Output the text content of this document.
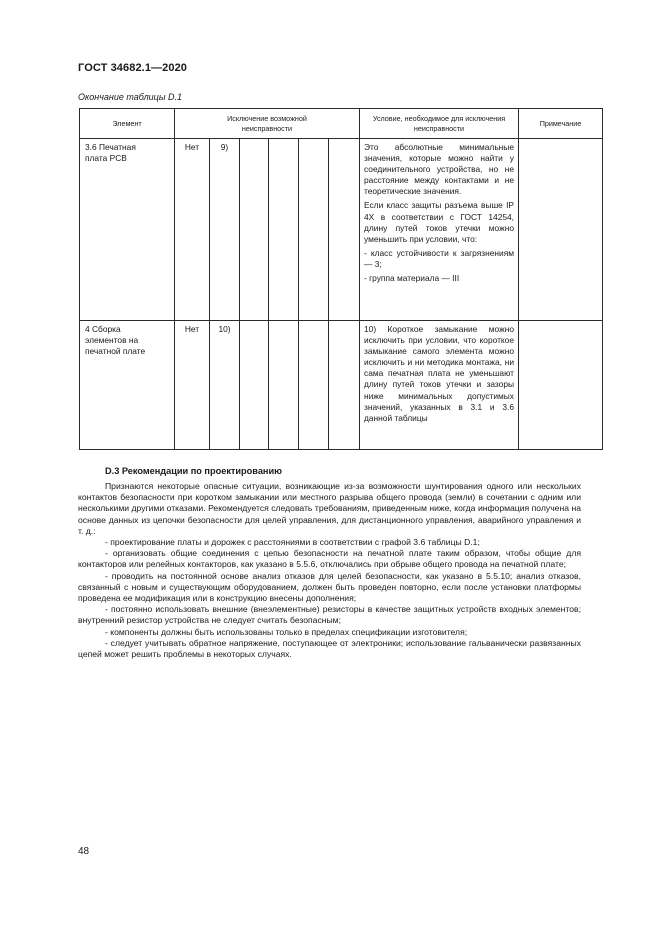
ГОСТ 34682.1—2020
Окончание таблицы D.1
Элемент	Исключение возможной неисправности						Условие, необходимое для исключения неисправности	Примечание

3.6 Печатная плата PCB	Нет	9)					Это абсолютные минимальные значения, которые можно найти у соединительного устройства, но не расстояние между контактами и не теоретические значения.

Если класс защиты разъема выше IP 4X в соответствии с ГОСТ 14254, длину путей токов утечки можно уменьшить при условии, что:

- класс устойчивости к загрязнениям — 3;

- группа материала — III	

4 Сборка элементов на печатной плате	Нет	10)					10) Короткое замыкание можно исключить при условии, что короткое замыкание самого элемента можно исключить и ни методика монтажа, ни сама печатная плата не уменьшают длину путей токов утечки и зазоры ниже минимальных допустимых значений, указанных в 3.1 и 3.6 данной таблицы	

D.3 Рекомендации по проектированию

Признаются некоторые опасные ситуации, возникающие из-за возможности шунтирования одного или нескольких контактов безопасности при коротком замыкании или местного разрыва общего провода (земли) в сочетании с одним или несколькими другими отказами. Рекомендуется следовать требованиям, приведенным ниже, когда информация получена на основе данных из цепочки безопасности для целей управления, для дистанционного управления, аварийного управления и т. д.:

- проектирование платы и дорожек с расстояниями в соответствии с графой 3.6 таблицы D.1;

- организовать общие соединения с цепью безопасности на печатной плате таким образом, чтобы общие для контакторов или релейных контакторов, как указано в 5.5.6, отключались при обрыве общего провода на печатной плате;

- проводить на постоянной основе анализ отказов для целей безопасности, как указано в 5.5.10; анализ отказов, связанный с новым и существующим оборудованием, должен быть проведен повторно, если после установки платформы проведена ее модификация или в конструкцию внесены дополнения;

- постоянно использовать внешние (внеэлементные) резисторы в качестве защитных устройств входных элементов; внутренний резистор устройства не следует считать безопасным;

- компоненты должны быть использованы только в пределах спецификации изготовителя;

- следует учитывать обратное напряжение, поступающее от электроники; использование гальванически развязанных цепей может решить проблемы в некоторых случаях.

48
